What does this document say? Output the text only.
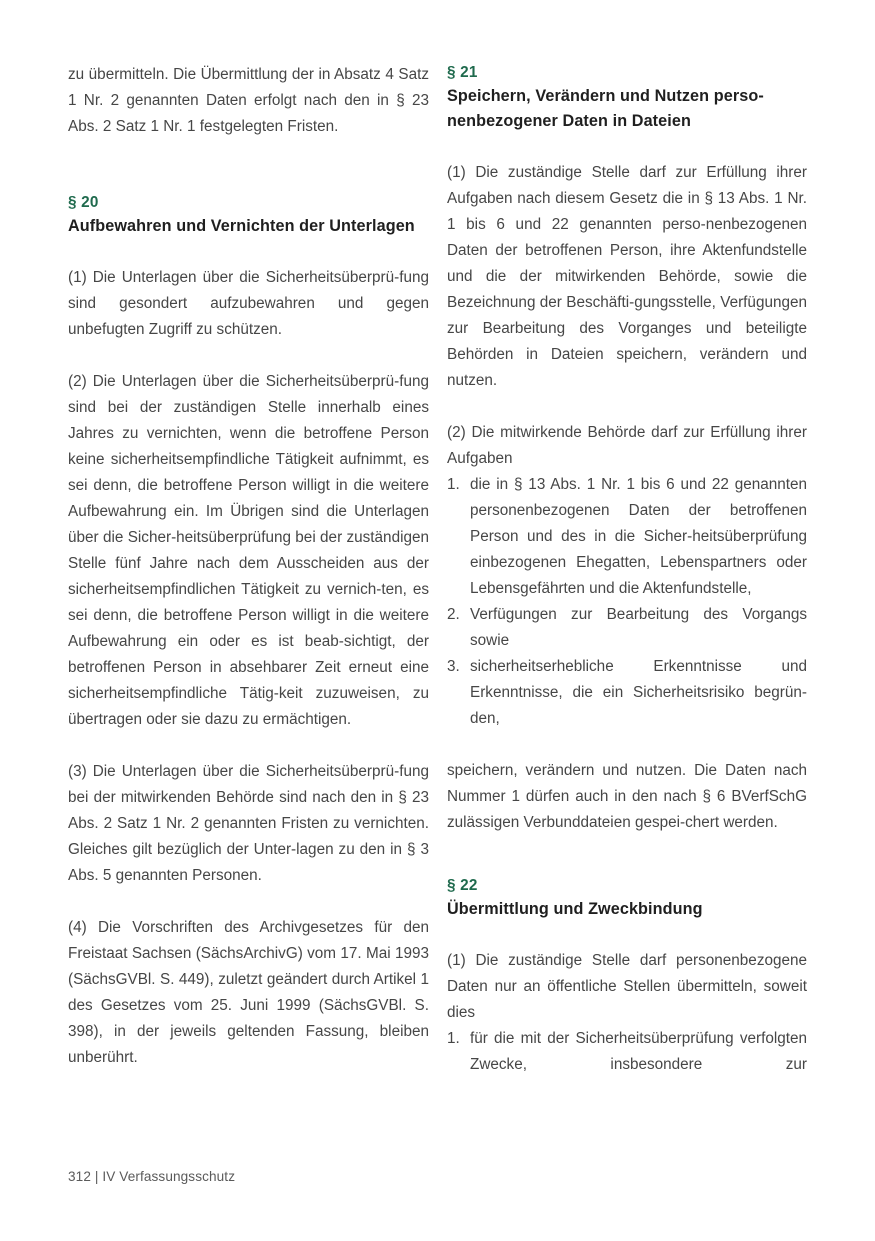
zu übermitteln. Die Übermittlung der in Absatz 4 Satz 1 Nr. 2 genannten Daten erfolgt nach den in § 23 Abs. 2 Satz 1 Nr. 1 festgelegten Fristen.

§ 20
Aufbewahren und Vernichten der Unterlagen

(1) Die Unterlagen über die Sicherheitsüberprü-fung sind gesondert aufzubewahren und gegen unbefugten Zugriff zu schützen.

(2) Die Unterlagen über die Sicherheitsüberprü-fung sind bei der zuständigen Stelle innerhalb eines Jahres zu vernichten, wenn die betroffene Person keine sicherheitsempfindliche Tätigkeit aufnimmt, es sei denn, die betroffene Person willigt in die weitere Aufbewahrung ein. Im Übrigen sind die Unterlagen über die Sicher-heitsüberprüfung bei der zuständigen Stelle fünf Jahre nach dem Ausscheiden aus der sicherheitsempfindlichen Tätigkeit zu vernich-ten, es sei denn, die betroffene Person willigt in die weitere Aufbewahrung ein oder es ist beab-sichtigt, der betroffenen Person in absehbarer Zeit erneut eine sicherheitsempfindliche Tätig-keit zuzuweisen, zu übertragen oder sie dazu zu ermächtigen.

(3) Die Unterlagen über die Sicherheitsüberprü-fung bei der mitwirkenden Behörde sind nach den in § 23 Abs. 2 Satz 1 Nr. 2 genannten Fristen zu vernichten. Gleiches gilt bezüglich der Unter-lagen zu den in § 3 Abs. 5 genannten Personen.

(4) Die Vorschriften des Archivgesetzes für den Freistaat Sachsen (SächsArchivG) vom 17. Mai 1993 (SächsGVBl. S. 449), zuletzt geändert durch Artikel 1 des Gesetzes vom 25. Juni 1999 (SächsGVBl. S. 398), in der jeweils geltenden Fassung, bleiben unberührt.

§ 21
Speichern, Verändern und Nutzen perso-nenbezogener Daten in Dateien

(1) Die zuständige Stelle darf zur Erfüllung ihrer Aufgaben nach diesem Gesetz die in § 13 Abs. 1 Nr. 1 bis 6 und 22 genannten perso-nenbezogenen Daten der betroffenen Person, ihre Aktenfundstelle und die der mitwirkenden Behörde, sowie die Bezeichnung der Beschäfti-gungsstelle, Verfügungen zur Bearbeitung des Vorganges und beteiligte Behörden in Dateien speichern, verändern und nutzen.

(2) Die mitwirkende Behörde darf zur Erfüllung ihrer Aufgaben

1. die in § 13 Abs. 1 Nr. 1 bis 6 und 22 genannten personenbezogenen Daten der betroffenen Person und des in die Sicher-heitsüberprüfung einbezogenen Ehegatten, Lebenspartners oder Lebensgefährten und die Aktenfundstelle,
2. Verfügungen zur Bearbeitung des Vorgangs sowie
3. sicherheitserhebliche Erkenntnisse und Erkenntnisse, die ein Sicherheitsrisiko begrün-den,

speichern, verändern und nutzen. Die Daten nach Nummer 1 dürfen auch in den nach § 6 BVerfSchG zulässigen Verbunddateien gespei-chert werden.

§ 22
Übermittlung und Zweckbindung

(1) Die zuständige Stelle darf personenbezogene Daten nur an öffentliche Stellen übermitteln, soweit dies

1. für die mit der Sicherheitsüberprüfung verfolgten Zwecke, insbesondere zur
312 | IV Verfassungsschutz
